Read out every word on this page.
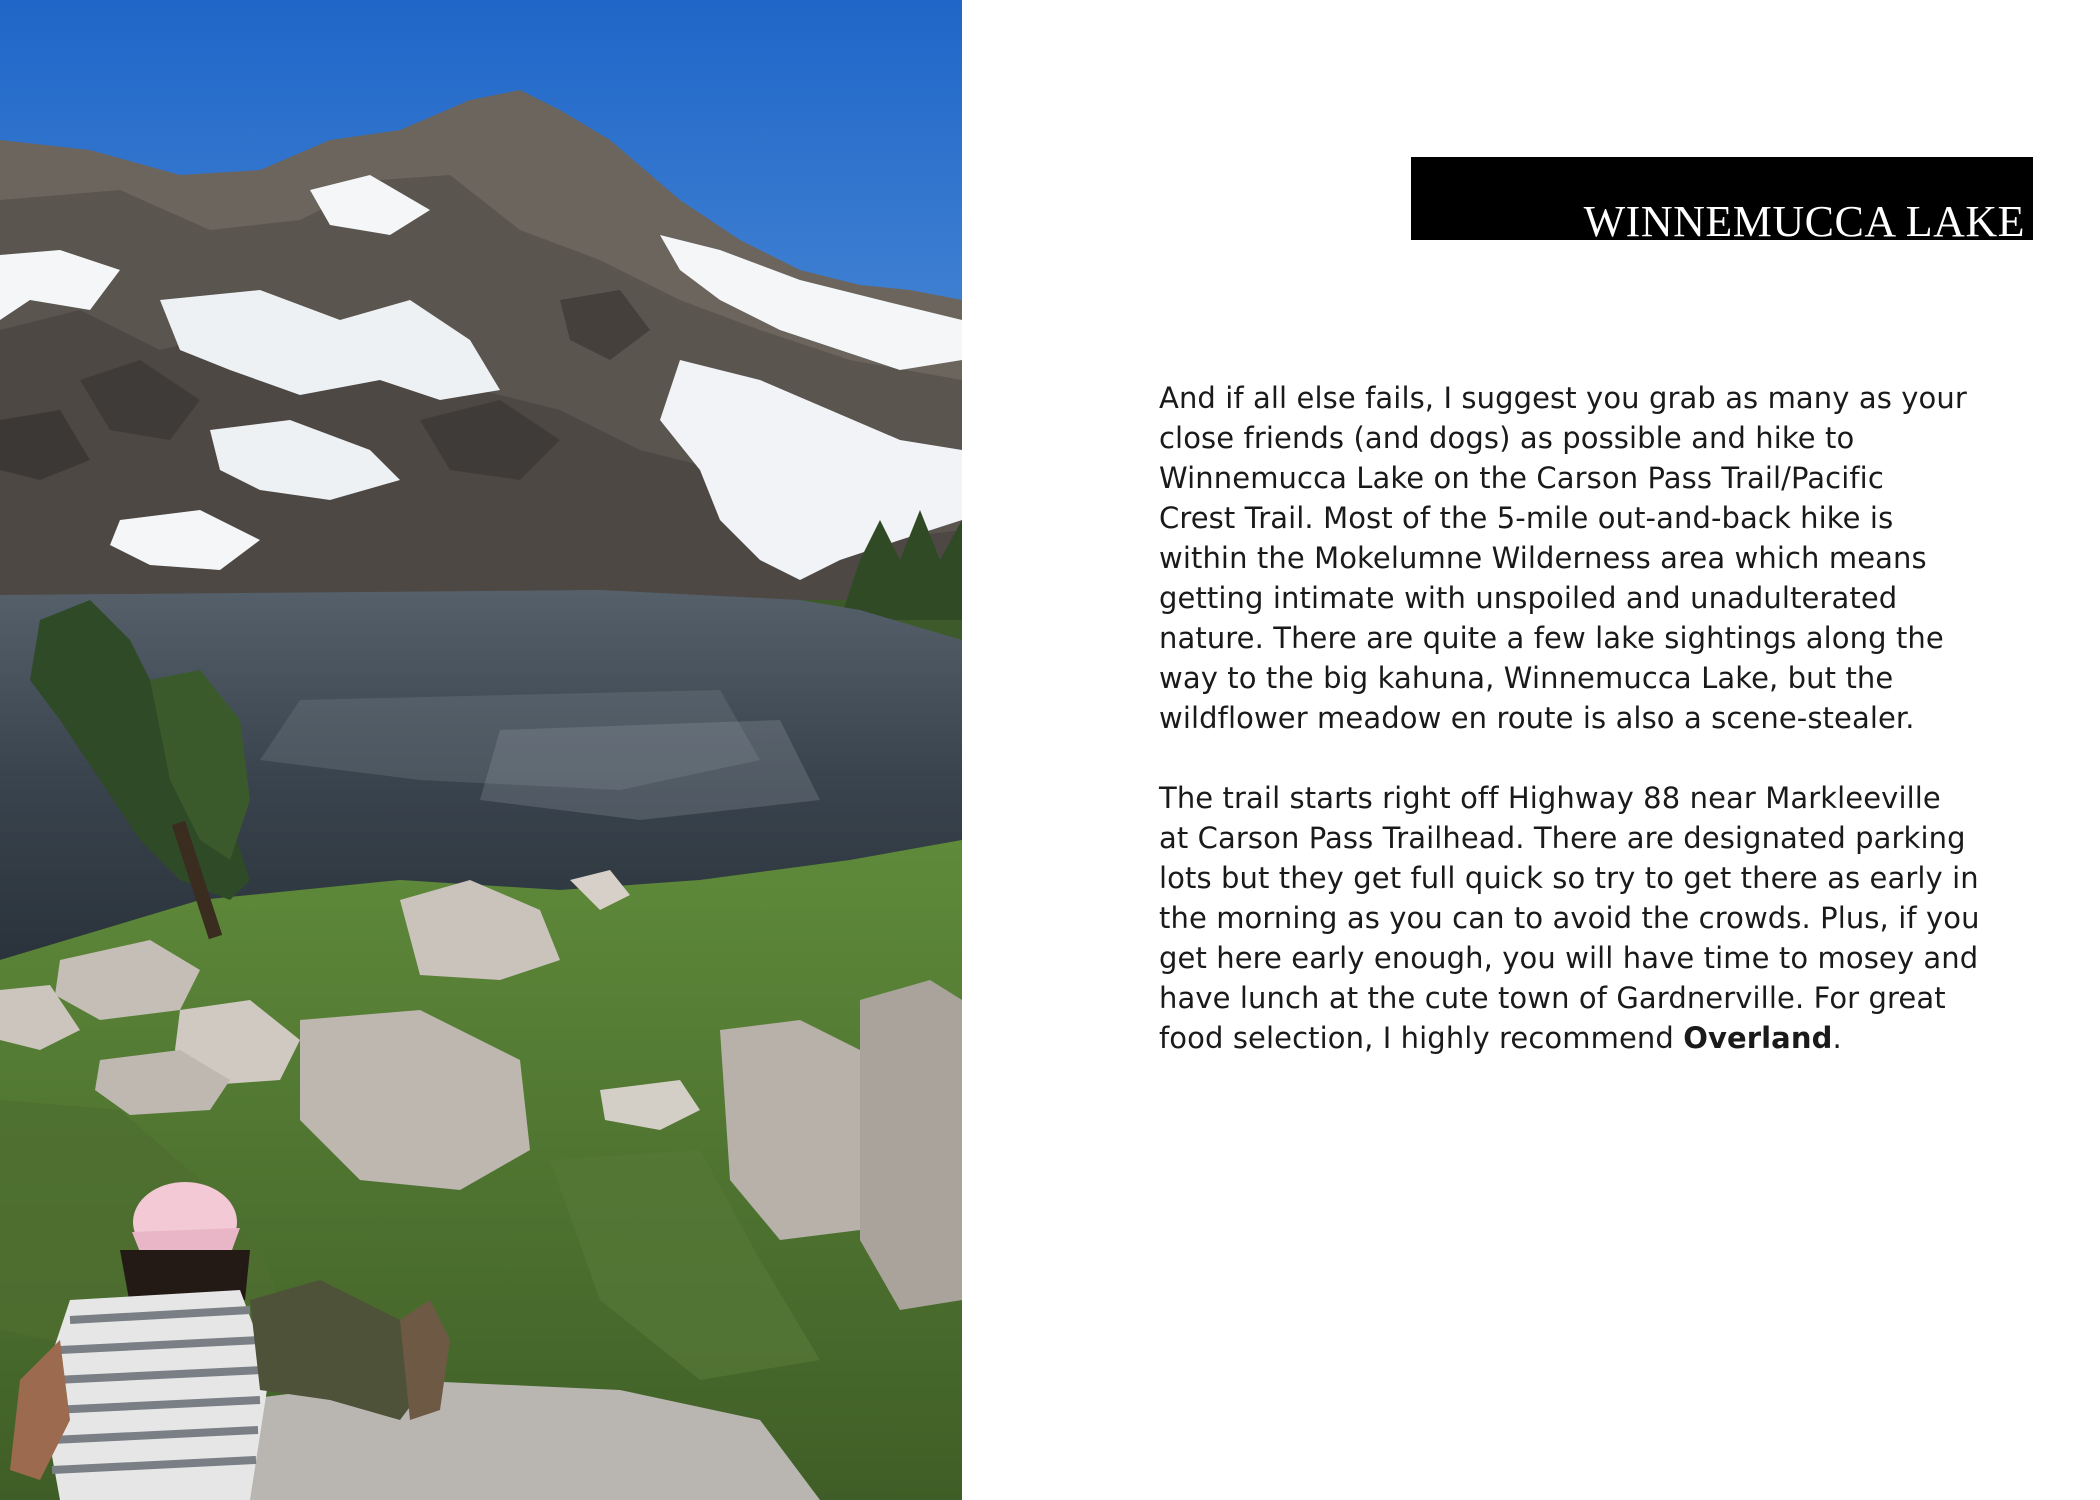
WINNEMUCCA LAKE
And if all else fails, I suggest you grab as many as your
close friends (and dogs) as possible and hike to
Winnemucca Lake on the Carson Pass Trail/Pacific
Crest Trail. Most of the 5-mile out-and-back hike is
within the Mokelumne Wilderness area which means
getting intimate with unspoiled and unadulterated
nature. There are quite a few lake sightings along the
way to the big kahuna, Winnemucca Lake, but the
wildflower meadow en route is also a scene-stealer.
The trail starts right off Highway 88 near Markleeville
at Carson Pass Trailhead. There are designated parking
lots but they get full quick so try to get there as early in
the morning as you can to avoid the crowds. Plus, if you
get here early enough, you will have time to mosey and
have lunch at the cute town of Gardnerville. For great
food selection, I highly recommend Overland.
